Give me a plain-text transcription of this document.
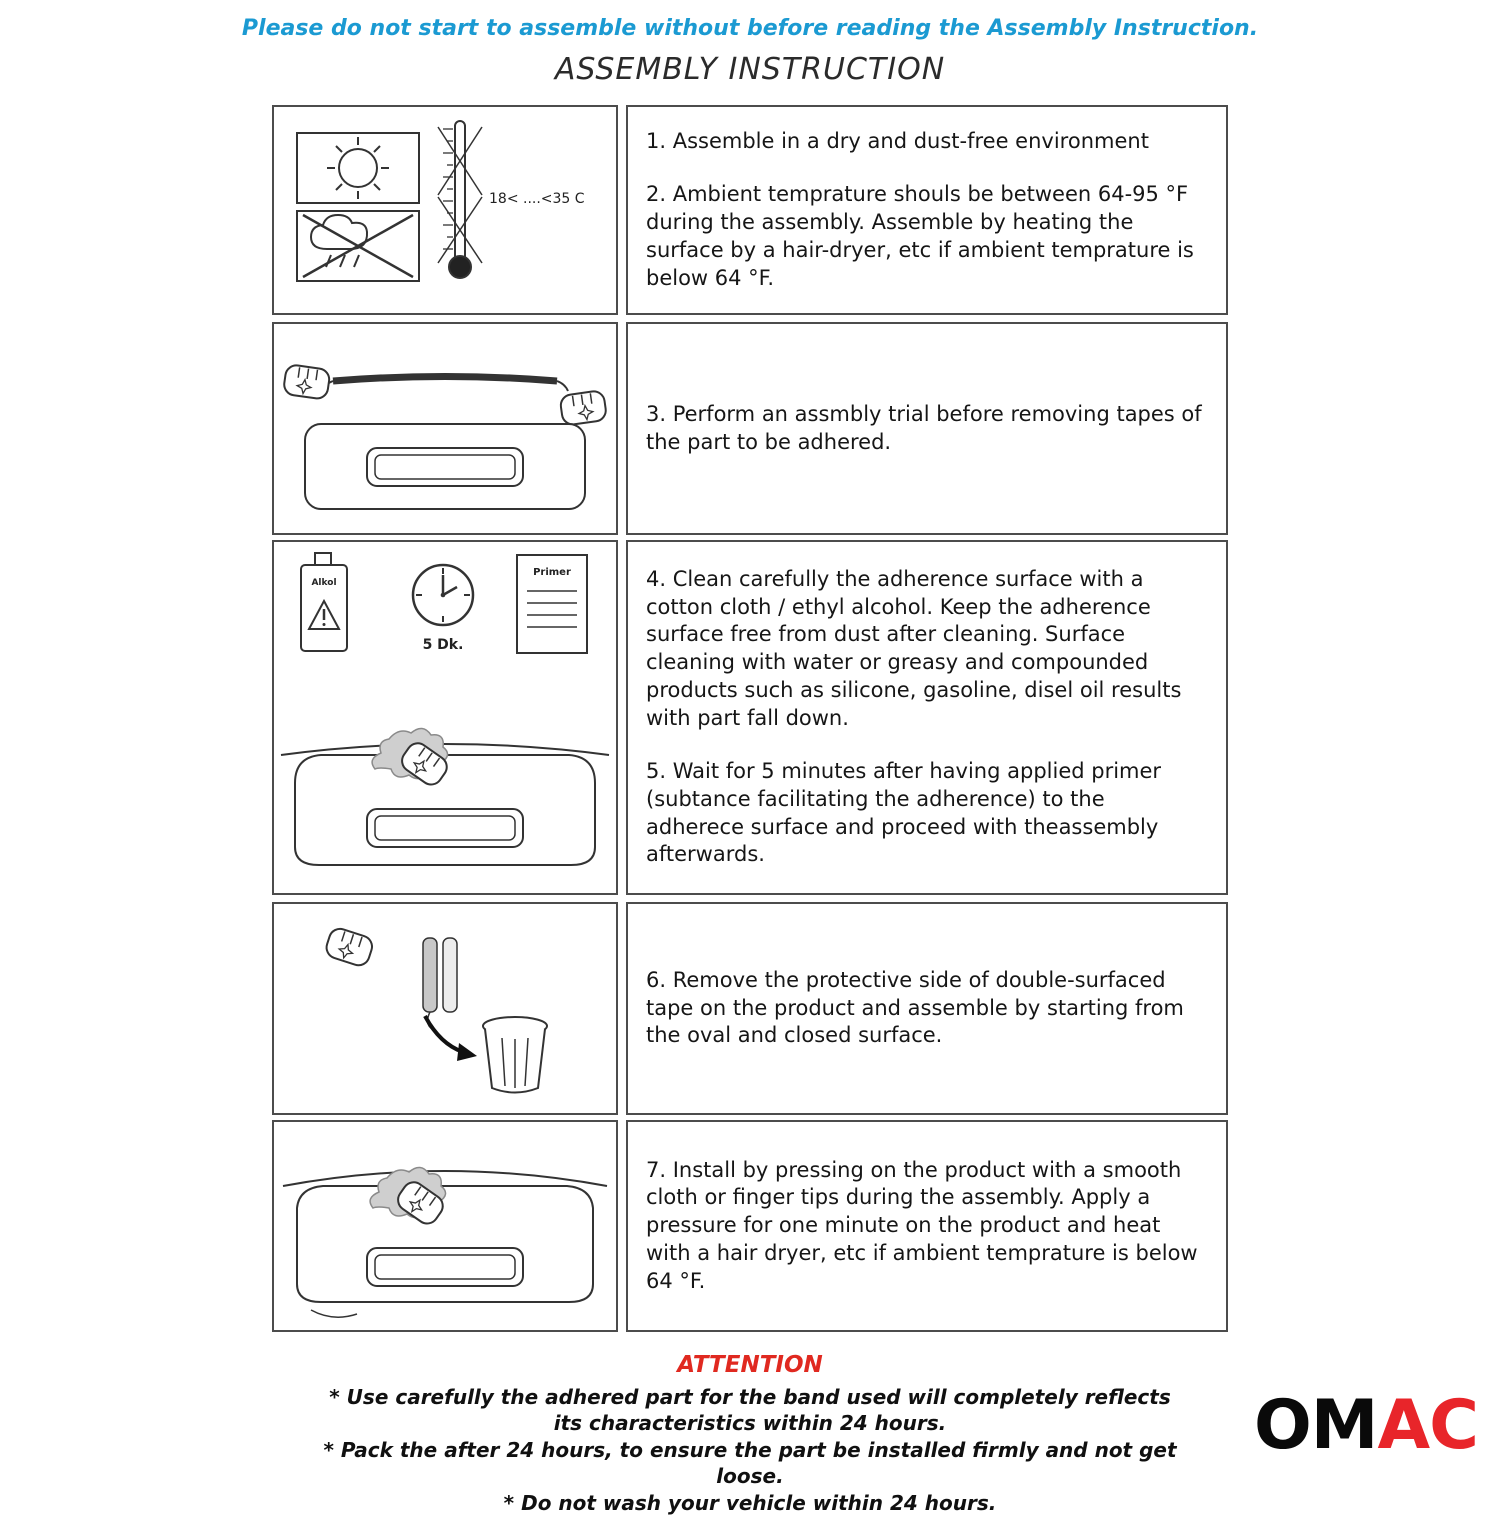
Please do not start to assemble without before reading the Assembly Instruction.
ASSEMBLY INSTRUCTION
18< ....<35 C

1. Assemble in a dry and dust-free environment

2. Ambient temprature shouls be between 64-95 °F during the assembly. Assemble by heating the surface by a hair-dryer, etc if ambient temprature is below 64 °F.

3. Perform an assmbly trial before removing tapes of the part to be adhered.

Alkol
5 Dk.
Primer	4. Clean carefully the adherence surface with a cotton cloth / ethyl alcohol. Keep the adherence surface free from dust after cleaning. Surface cleaning with water or greasy and compounded products such as silicone, gasoline, disel oil results with part fall down.

5. Wait for 5 minutes after having applied primer (subtance facilitating the adherence) to the adherece surface and proceed with theassembly afterwards.

6. Remove the protective side of double-surfaced tape on the product and assemble by starting from the oval and closed surface.

7. Install by pressing on the product with a smooth cloth or finger tips during the assembly. Apply a pressure for one minute on the product and heat with a hair dryer, etc if ambient temprature is below 64 °F.

ATTENTION
* Use carefully the adhered part for the band used will completely reflects its characteristics within 24 hours.
* Pack the after 24 hours, to ensure the part be installed firmly and not get loose.
* Do not wash your vehicle within 24 hours.
OMAC
